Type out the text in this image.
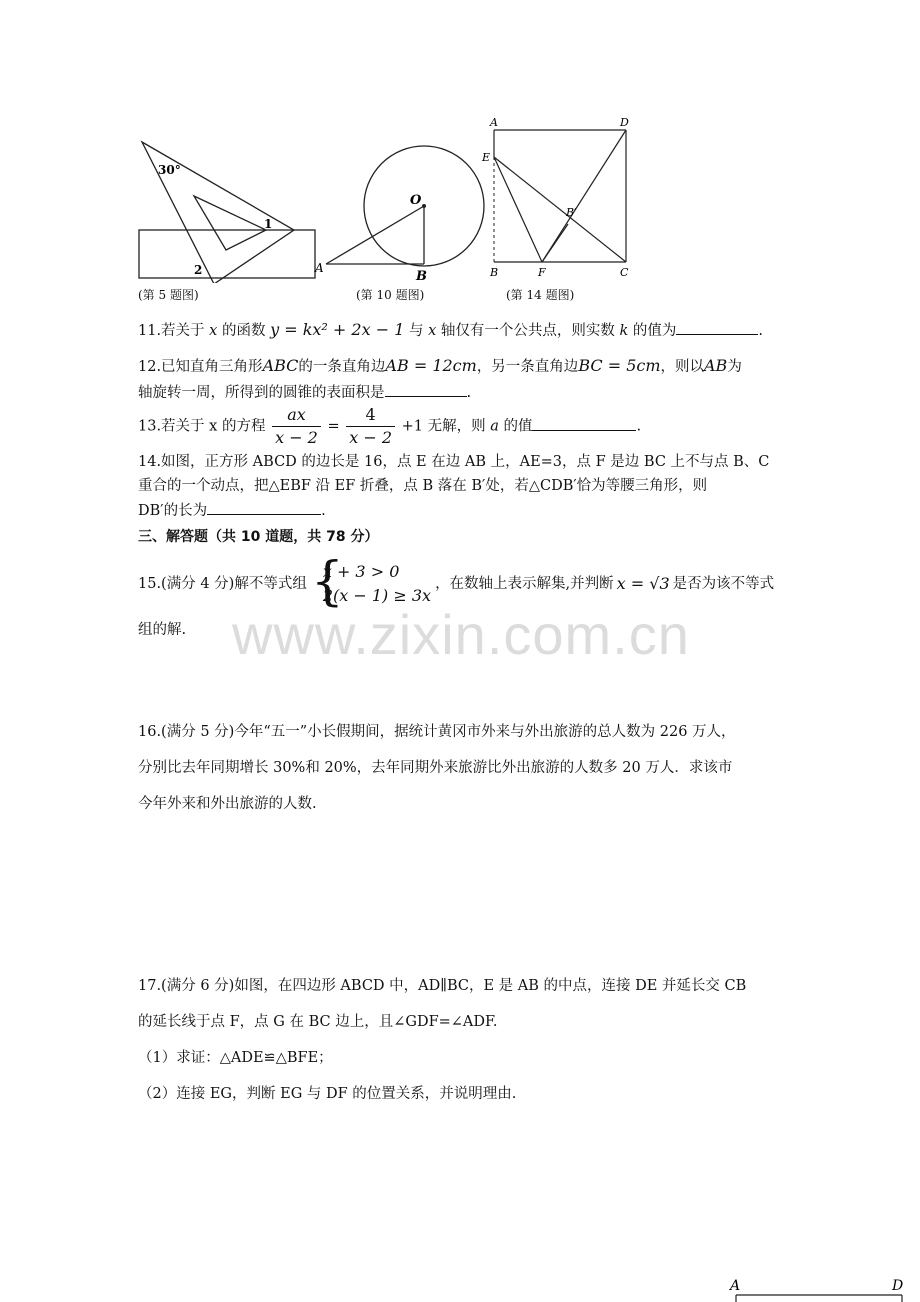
30°
1
2
(第 5 题图)
O
A
B
(第 10 题图)
A	D
E
B′
B	F	C
(第 14 题图)
11.若关于 x 的函数 y = kx² + 2x − 1 与 x 轴仅有一个公共点，则实数 k 的值为	.
12.已知直角三角形ABC的一条直角边AB = 12cm，另一条直角边BC = 5cm，则以AB为
轴旋转一周，所得到的圆锥的表面积是	.
13.若关于 x 的方程 $\frac{ax}{x - 2} = \frac{4}{x - 2} +1$ 无解，则 a 的值	.
14.如图，正方形 ABCD 的边长是 16，点 E 在边 AB 上，AE=3，点 F 是边 BC 上不与点 B、C
重合的一个动点，把△EBF 沿 EF 折叠，点 B 落在 B′处，若△CDB′恰为等腰三角形，则
DB′的长为	.
三、解答题（共 10 道题，共 78 分）
15.(满分 4 分)解不等式组 {
x + 3 > 0
2(x − 1) ≥ 3x
，在数轴上表示解集,并判断 x = √3 是否为该不等式
组的解. www.zixin.com.cn
16.(满分 5 分)今年“五一”小长假期间，据统计黄冈市外来与外出旅游的总人数为 226 万人，
分别比去年同期增长 30%和 20%，去年同期外来旅游比外出旅游的人数多 20 万人．求该市
今年外来和外出旅游的人数.
17.(满分 6 分)如图，在四边形 ABCD 中，AD∥BC，E 是 AB 的中点，连接 DE 并延长交 CB
的延长线于点 F，点 G 在 BC 边上，且∠GDF=∠ADF.
（1）求证：△ADE≌△BFE；
（2）连接 EG，判断 EG 与 DF 的位置关系，并说明理由.
A	D
